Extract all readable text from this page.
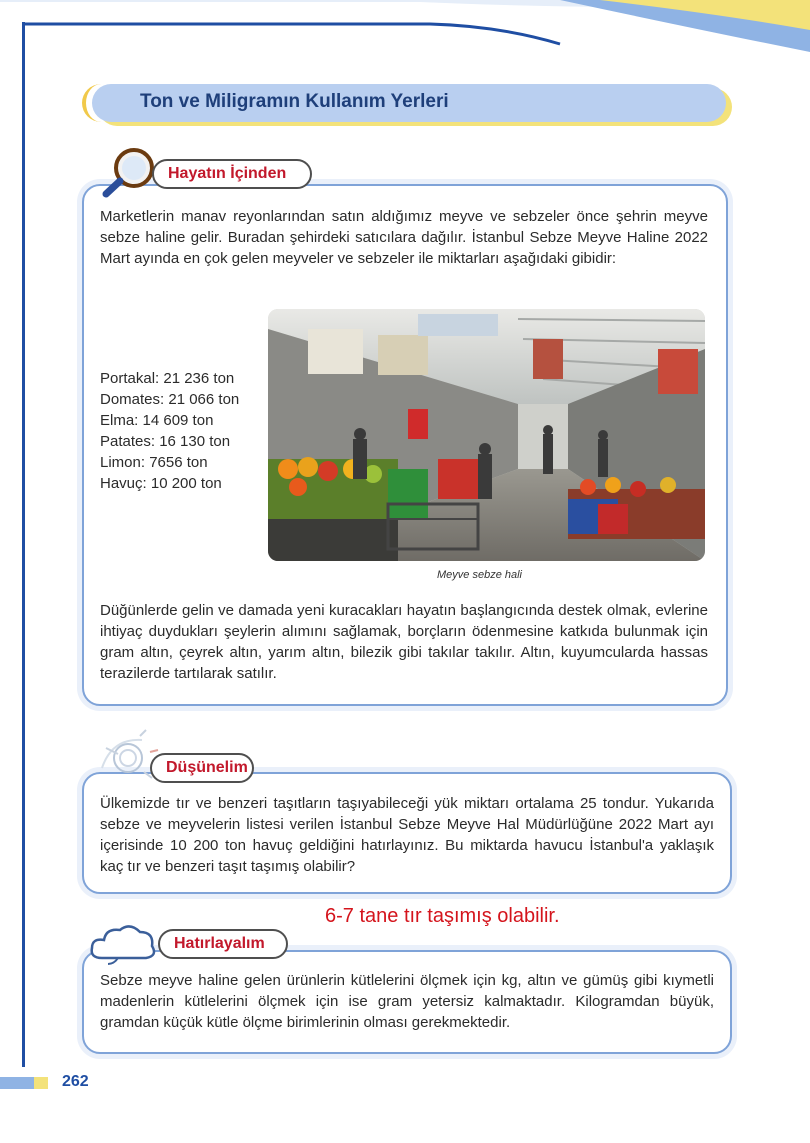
Ton ve Miligramın Kullanım Yerleri
Hayatın İçinden

Marketlerin manav reyonlarından satın aldığımız meyve ve sebzeler önce şehrin meyve sebze haline gelir. Buradan şehirdeki satıcılara dağılır. İstanbul Sebze Meyve Haline 2022 Mart ayında en çok gelen meyveler ve sebzeler ile miktarları aşağıdaki gibidir:

Portakal: 21 236 ton
Domates: 21 066 ton
Elma: 14 609 ton
Patates: 16 130 ton
Limon: 7656 ton
Havuç: 10 200 ton
Meyve sebze hali

Düğünlerde gelin ve damada yeni kuracakları hayatın başlangıcında destek olmak, evlerine ihtiyaç duydukları şeylerin alımını sağlamak, borçların ödenmesine katkıda bulunmak için gram altın, çeyrek altın, yarım altın, bilezik gibi takılar takılır. Altın, kuyumcularda hassas terazilerde tartılarak satılır.

Düşünelim

Ülkemizde tır ve benzeri taşıtların taşıyabileceği yük miktarı ortalama 25 tondur. Yukarıda sebze ve meyvelerin listesi verilen İstanbul Sebze Meyve Hal Müdürlüğüne 2022 Mart ayı içerisinde 10 200 ton havuç geldiğini hatırlayınız. Bu miktarda havucu İstanbul'a yaklaşık kaç tır ve benzeri taşıt taşımış olabilir?

6-7 tane tır taşımış olabilir.
Hatırlayalım

Sebze meyve haline gelen ürünlerin kütlelerini ölçmek için kg, altın ve gümüş gibi kıymetli madenlerin kütlelerini ölçmek için ise gram yetersiz kalmaktadır. Kilogramdan büyük, gramdan küçük kütle ölçme birimlerinin olması gerekmektedir.

262
